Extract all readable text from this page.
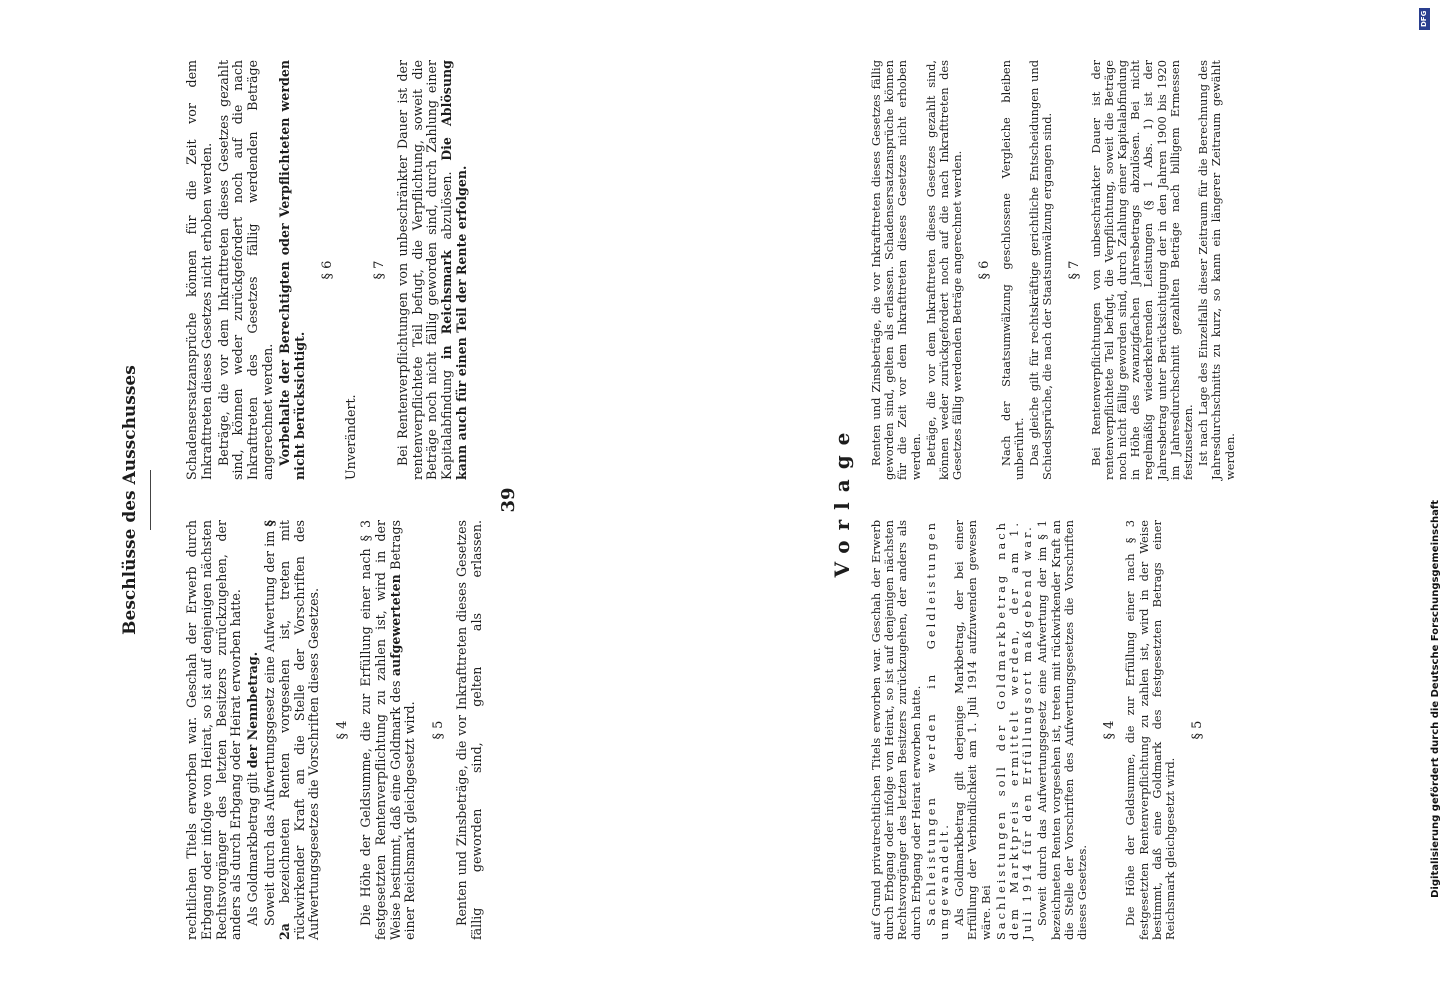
39
Beschlüsse des Ausschusses	Vorlage

rechtlichen Titels erworben war. Geschah der Erwerb durch Erbgang oder infolge von Heirat, so ist auf denjenigen nächsten Rechtsvorgänger des letzten Besitzers zurückzugehen, der anders als durch Erbgang oder Heirat erworben hatte. Als Goldmarkbetrag gilt der Nennbetrag. Soweit durch das Aufwertungsgesetz eine Aufwertung der im § 2a bezeichneten Renten vorgesehen ist, treten mit rückwirkender Kraft an die Stelle der Vorschriften des Aufwertungsgesetzes die Vorschriften dieses Gesetzes. § 4 Die Höhe der Geldsumme, die zur Erfüllung einer nach § 3 festgesetzten Rentenverpflichtung zu zahlen ist, wird in der Weise bestimmt, daß eine Goldmark des aufgewerteten Betrags einer Reichsmark gleichgesetzt wird. § 5 Renten und Zinsbeträge, die vor Inkrafttreten dieses Gesetzes fällig geworden sind, gelten als erlassen. Schadensersatzansprüche können für die Zeit vor dem Inkrafttreten dieses Gesetzes nicht erhoben werden. Beträge, die vor dem Inkrafttreten dieses Gesetzes gezahlt sind, können weder zurückgefordert noch auf die nach Inkrafttreten des Gesetzes fällig werdenden Beträge angerechnet werden. Vorbehalte der Berechtigten oder Verpflichteten werden nicht berücksichtigt.

§ 6

Unverändert.

§ 7 Bei Rentenverpflichtungen von unbeschränkter Dauer ist der rentenverpflichtete Teil befugt, die Verpflichtung, soweit die Beträge noch nicht fällig geworden sind, durch Zahlung einer Kapitalabfindung in Reichsmark abzulösen. Die Ablösung kann auch für einen Teil der Rente erfolgen.

auf Grund privatrechtlichen Titels erworben war. Geschah der Erwerb durch Erbgang oder infolge von Heirat, so ist auf denjenigen nächsten Rechtsvorgänger des letzten Besitzers zurückzugehen, der anders als durch Erbgang oder Heirat erworben hatte. Sachleistungen werden in Geldleistungen umgewandelt. Als Goldmarkbetrag gilt derjenige Markbetrag, der bei einer Erfüllung der Verbindlichkeit am 1. Juli 1914 aufzuwenden gewesen wäre. Bei Sachleistungen soll der Goldmarkbetrag nach dem Marktpreis ermittelt werden, der am 1. Juli 1914 für den Erfüllungsort maßgebend war. Soweit durch das Aufwertungsgesetz eine Aufwertung der im § 1 bezeichneten Renten vorgesehen ist, treten mit rückwirkender Kraft an die Stelle der Vorschriften des Aufwertungsgesetzes die Vorschriften dieses Gesetzes.

§ 4 Die Höhe der Geldsumme, die zur Erfüllung einer nach § 3 festgesetzten Rentenverpflichtung zu zahlen ist, wird in der Weise bestimmt, daß eine Goldmark des festgesetzten Betrags einer Reichsmark gleichgesetzt wird.

§ 5

Renten und Zinsbeträge, die vor Inkrafttreten dieses Gesetzes fällig geworden sind, gelten als erlassen. Schadensersatzansprüche können für die Zeit vor dem Inkrafttreten dieses Gesetzes nicht erhoben werden. Beträge, die vor dem Inkrafttreten dieses Gesetzes gezahlt sind, können weder zurückgefordert noch auf die nach Inkrafttreten des Gesetzes fällig werdenden Beträge angerechnet werden. § 6 Nach der Staatsumwälzung geschlossene Vergleiche bleiben unberührt. Das gleiche gilt für rechtskräftige gerichtliche Entscheidungen und Schiedssprüche, die nach der Staatsumwälzung ergangen sind. § 7 Bei Rentenverpflichtungen von unbeschränkter Dauer ist der rentenverpflichtete Teil befugt, die Verpflichtung, soweit die Beträge noch nicht fällig geworden sind, durch Zahlung einer Kapitalabfindung in Höhe des zwanzigfachen Jahresbetrags abzulösen. Bei nicht regelmäßig wiederkehrenden Leistungen (§ 1 Abs. 1) ist der Jahresbetrag unter Berücksichtigung der in den Jahren 1900 bis 1920 im Jahresdurchschnitt gezahlten Beträge nach billigem Ermessen festzusetzen. Ist nach Lage des Einzelfalls dieser Zeitraum für die Berechnung des Jahresdurchschnitts zu kurz, so kann ein längerer Zeitraum gewählt werden.

DFG
Digitalisierung gefördert durch die Deutsche Forschungsgemeinschaft
